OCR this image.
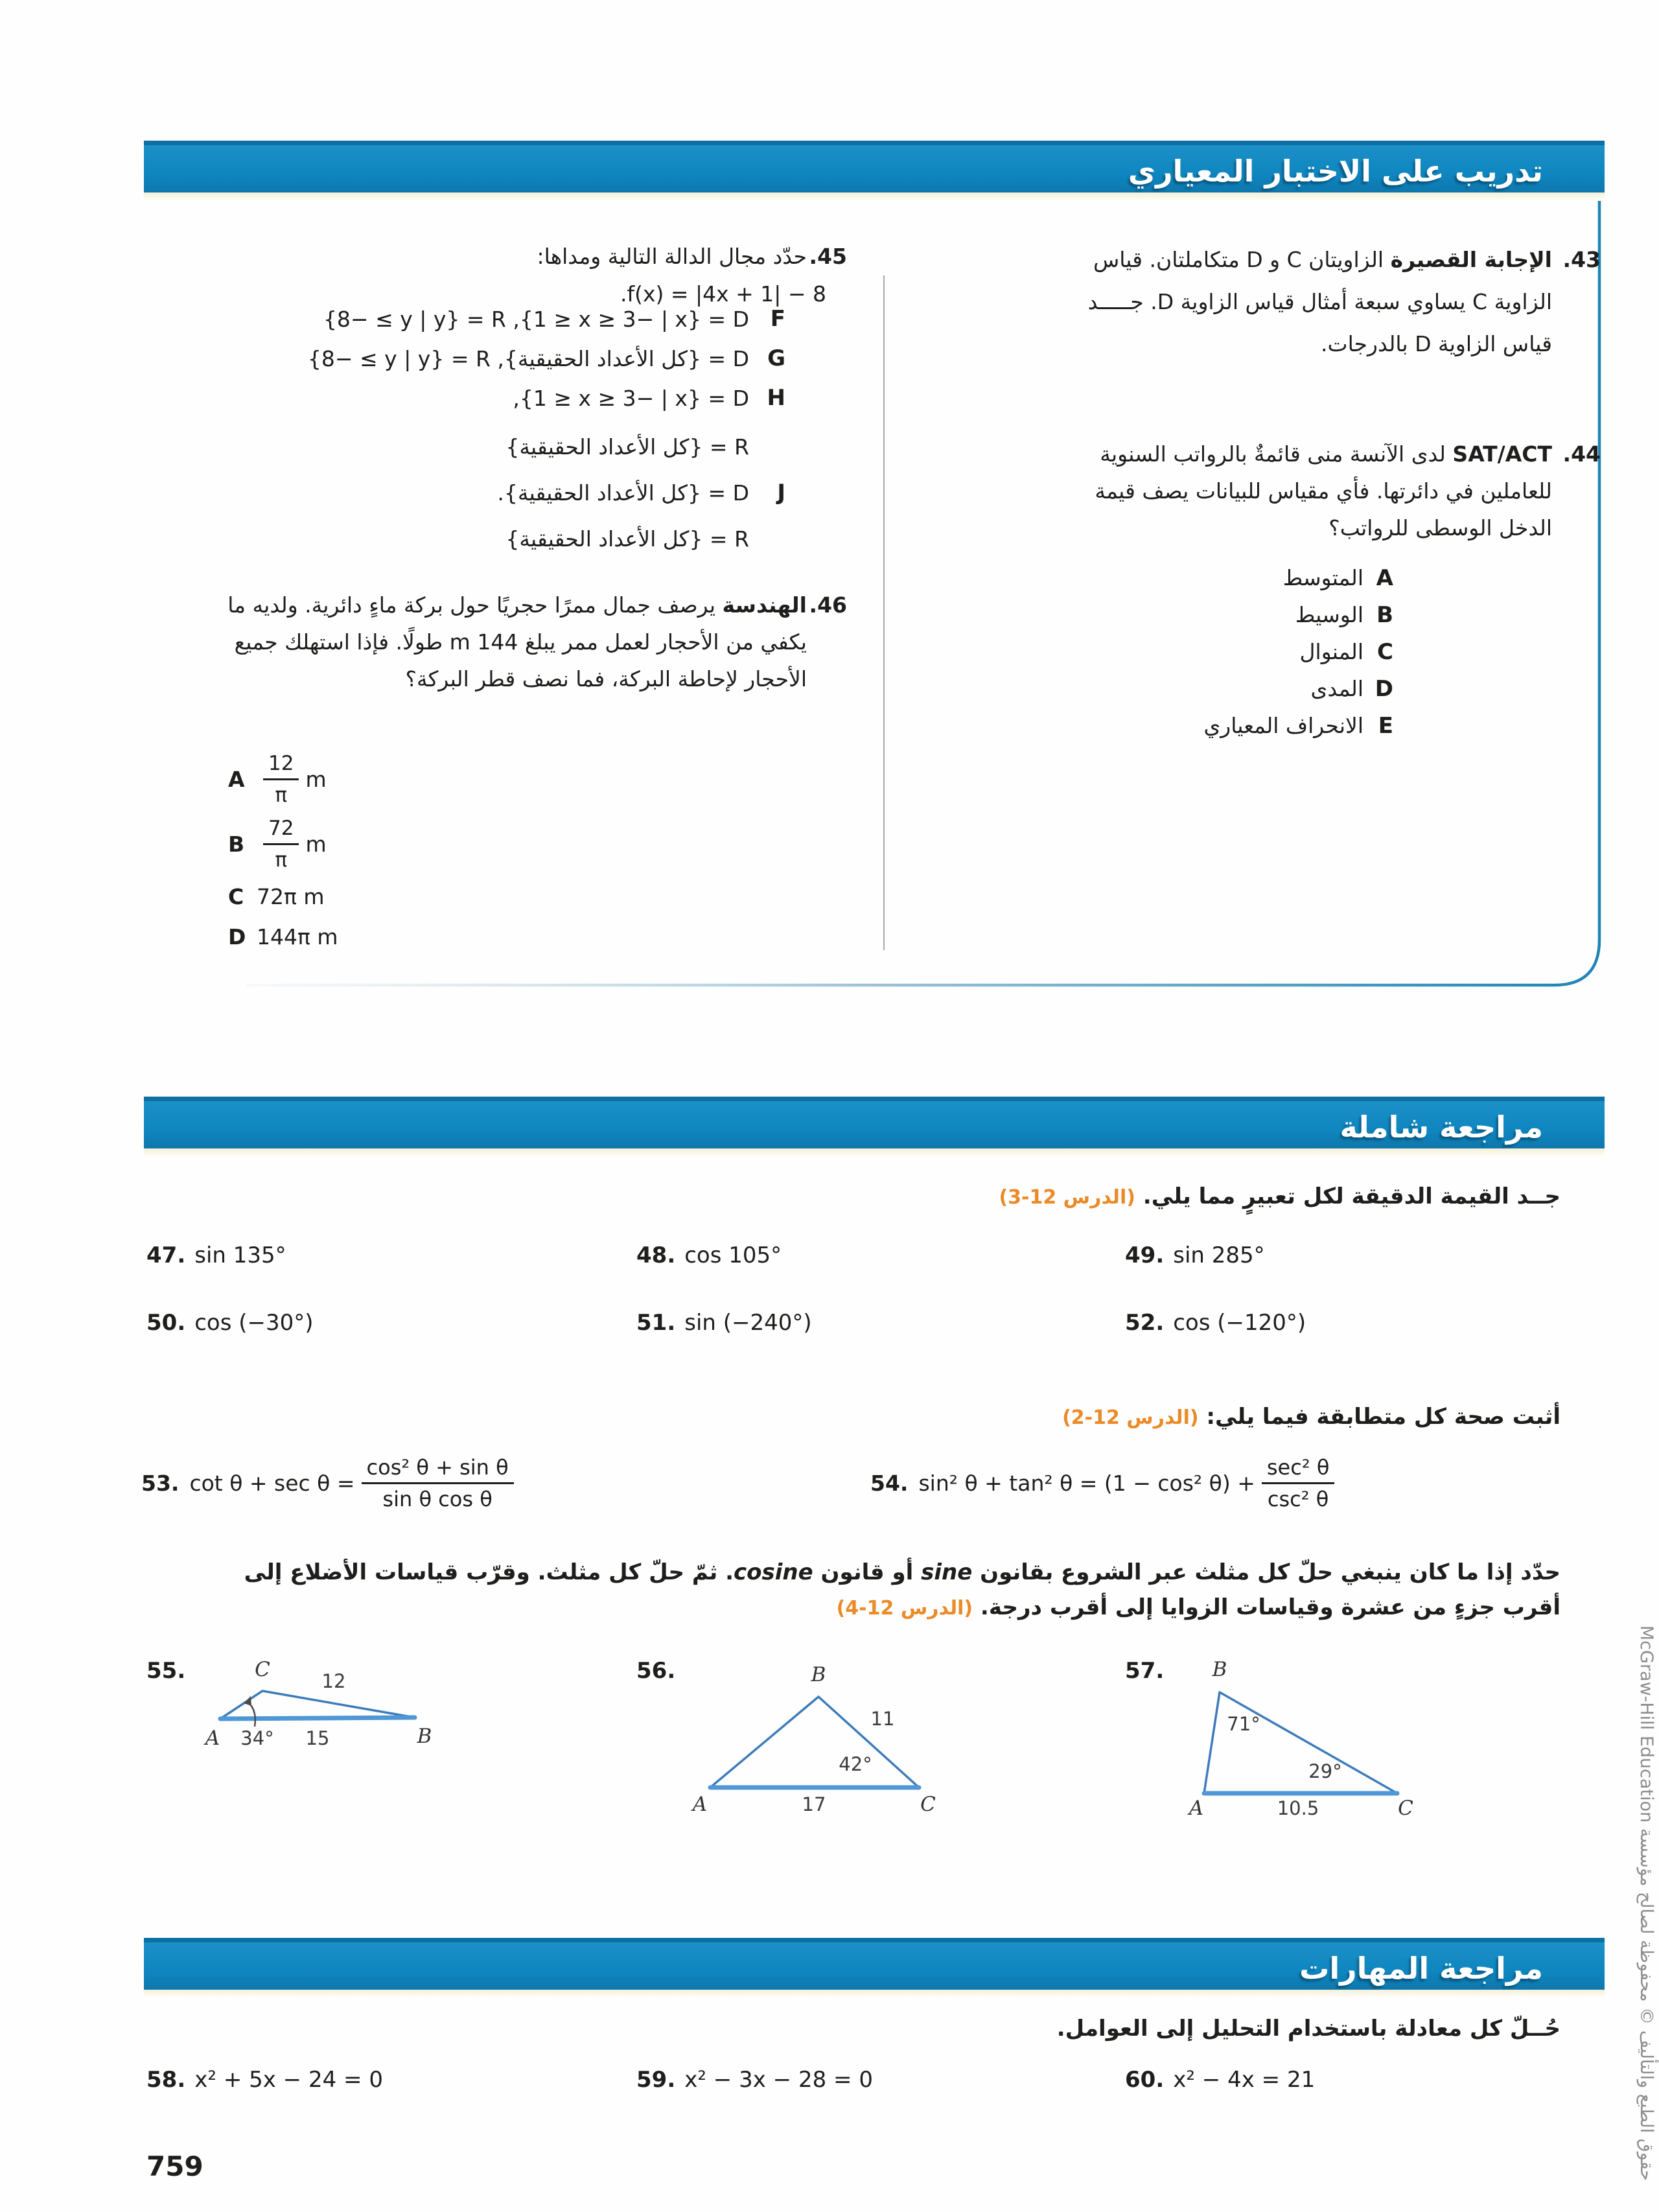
تدريب على الاختبار المعياري
43.
الإجابة القصيرة الزاويتان C و D متكاملتان. قياس الزاوية C يساوي سبعة أمثال قياس الزاوية D. جـــــد قياس الزاوية D بالدرجات.
44.
SAT/ACT لدى الآنسة منى قائمةٌ بالرواتب السنوية للعاملين في دائرتها. فأي مقياس للبيانات يصف قيمة الدخل الوسطى للرواتب؟
A
المتوسط
B
الوسيط
C
المنوال
D
المدى
E
الانحراف المعياري
45.
حدّد مجال الدالة التالية ومداها:
f(x) = |4x + 1| − 8.
{8− ≤ y | y} = R ,{1 ≥ x ≥ 3− | x} = D F
{8− ≤ y | y} = R ,{كل الأعداد الحقيقية} = D G
,{1 ≥ x ≥ 3− | x} = D H
{كل الأعداد الحقيقية} = R
.{كل الأعداد الحقيقية} = D	J
{كل الأعداد الحقيقية} = R
46.
الهندسة يرصف جمال ممرًا حجريًا حول بركة ماءٍ دائرية. ولديه ما يكفي من الأحجار لعمل ممر يبلغ 144 m طولًا. فإذا استهلك جميع الأحجار لإحاطة البركة، فما نصف قطر البركة؟
A $\frac{12}{\pi}$ m
B $\frac{72}{\pi}$ m
C 72π m
D 144π m
مراجعة شاملة
جــد القيمة الدقيقة لكل تعبيرٍ مما يلي. (الدرس 12-3)
47. sin 135°	48. cos 105°	49. sin 285°
50. cos (−30°)	51. sin (−240°)	52. cos (−120°)
أثبت صحة كل متطابقة فيما يلي: (الدرس 12-2)
53. $\cot \theta + \sec \theta = \frac{\text{cos² θ + sin θ}}{\text{sin θ cos θ}}$	54. sin² θ + tan² θ = (1 − cos² $\theta) + \frac{\text{sec² θ}}{\text{csc² θ}}$
حدّد إذا ما كان ينبغي حلّ كل مثلث عبر الشروع بقانون sine أو قانون cosine. ثمّ حلّ كل مثلث. وقرّب قياسات الأضلاع إلى
أقرب جزءٍ من عشرة وقياسات الزوايا إلى أقرب درجة. (الدرس 12-4)
55.	C	12
A 34° 15	B
56.	B
11
42°
A	17	C
57. B
71°
29°
A	10.5	C
مراجعة المهارات
حُــلّ كل معادلة باستخدام التحليل إلى العوامل.
58. x² + 5x − 24 = 0	59. x² − 3x − 28 = 0	60. x² − 4x = 21
759
حقوق الطبع والتأليف © محفوظة لصالح مؤسسة McGraw-Hill Education
